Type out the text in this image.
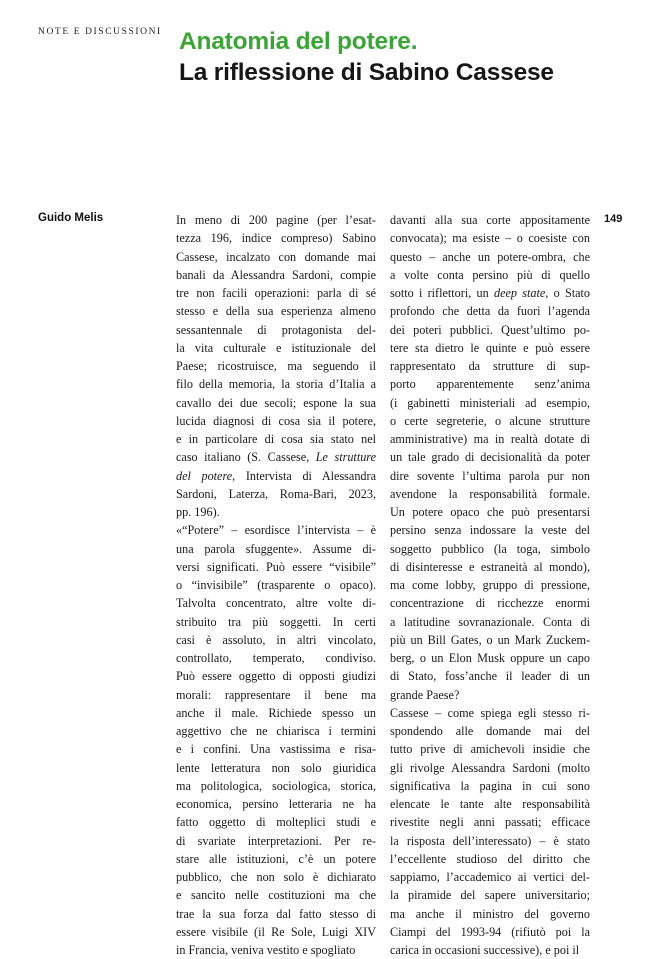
NOTE E DISCUSSIONI Anatomia del potere.
La riflessione di Sabino Cassese
Guido Melis	149
In meno di 200 pagine (per l’esat-
tezza 196, indice compreso) Sabino
Cassese, incalzato con domande mai
banali da Alessandra Sardoni, compie
tre non facili operazioni: parla di sé
stesso e della sua esperienza almeno
sessantennale di protagonista del-
la vita culturale e istituzionale del
Paese; ricostruisce, ma seguendo il
filo della memoria, la storia d’Italia a
cavallo dei due secoli; espone la sua
lucida diagnosi di cosa sia il potere,
e in particolare di cosa sia stato nel
caso italiano (S. Cassese, Le strutture
del potere, Intervista di Alessandra
Sardoni, Laterza, Roma-Bari, 2023,
pp. 196).
«“Potere” – esordisce l’intervista – è
una parola sfuggente». Assume di-
versi significati. Può essere “visibile”
o “invisibile” (trasparente o opaco).
Talvolta concentrato, altre volte di-
stribuito tra più soggetti. In certi
casi è assoluto, in altri vincolato,
controllato, temperato, condiviso.
Può essere oggetto di opposti giudizi
morali: rappresentare il bene ma
anche il male. Richiede spesso un
aggettivo che ne chiarisca i termini
e i confini. Una vastissima e risa-
lente letteratura non solo giuridica
ma politologica, sociologica, storica,
economica, persino letteraria ne ha
fatto oggetto di molteplici studi e
di svariate interpretazioni. Per re-
stare alle istituzioni, c’è un potere
pubblico, che non solo è dichiarato
e sancito nelle costituzioni ma che
trae la sua forza dal fatto stesso di
essere visibile (il Re Sole, Luigi XIV
in Francia, veniva vestito e spogliato
davanti alla sua corte appositamente
convocata); ma esiste – o coesiste con
questo – anche un potere-ombra, che
a volte conta persino più di quello
sotto i riflettori, un deep state, o Stato
profondo che detta da fuori l’agenda
dei poteri pubblici. Quest’ultimo po-
tere sta dietro le quinte e può essere
rappresentato da strutture di sup-
porto apparentemente senz’anima
(i gabinetti ministeriali ad esempio,
o certe segreterie, o alcune strutture
amministrative) ma in realtà dotate di
un tale grado di decisionalità da poter
dire sovente l’ultima parola pur non
avendone la responsabilità formale.
Un potere opaco che può presentarsi
persino senza indossare la veste del
soggetto pubblico (la toga, simbolo
di disinteresse e estraneità al mondo),
ma come lobby, gruppo di pressione,
concentrazione di ricchezze enormi
a latitudine sovranazionale. Conta di
più un Bill Gates, o un Mark Zuckem-
berg, o un Elon Musk oppure un capo
di Stato, foss’anche il leader di un
grande Paese?
Cassese – come spiega egli stesso ri-
spondendo alle domande mai del
tutto prive di amichevoli insidie che
gli rivolge Alessandra Sardoni (molto
significativa la pagina in cui sono
elencate le tante alte responsabilità
rivestite negli anni passati; efficace
la risposta dell’interessato) – è stato
l’eccellente studioso del diritto che
sappiamo, l’accademico ai vertici del-
la piramide del sapere universitario;
ma anche il ministro del governo
Ciampi del 1993-94 (rifiutò poi la
carica in occasioni successive), e poi il
